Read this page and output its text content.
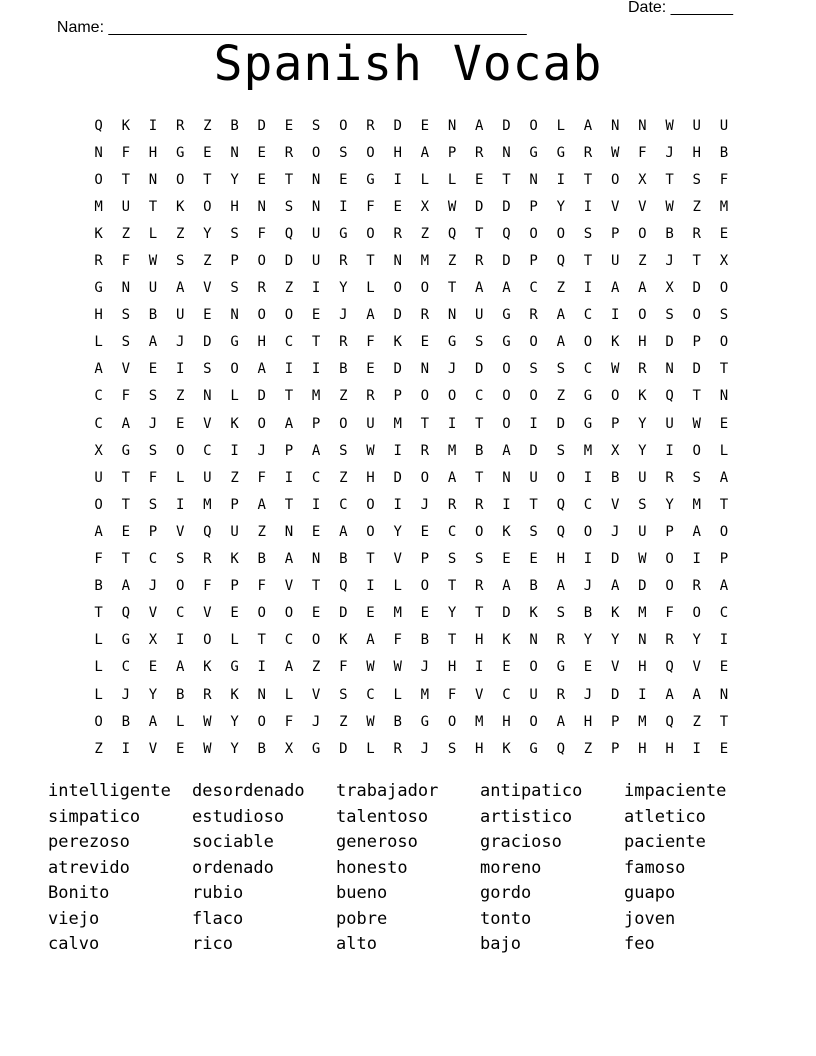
Name: _______________________________________________

Date: _______

Spanish Vocab
Q	K	I	R	Z	B	D	E	S	O	R	D	E	N	A	D	O	L	A	N	N	W	U	U
N	F	H	G	E	N	E	R	O	S	O	H	A	P	R	N	G	G	R	W	F	J	H	B
O	T	N	O	T	Y	E	T	N	E	G	I	L	L	E	T	N	I	T	O	X	T	S	F
M	U	T	K	O	H	N	S	N	I	F	E	X	W	D	D	P	Y	I	V	V	W	Z	M
K	Z	L	Z	Y	S	F	Q	U	G	O	R	Z	Q	T	Q	O	O	S	P	O	B	R	E
R	F	W	S	Z	P	O	D	U	R	T	N	M	Z	R	D	P	Q	T	U	Z	J	T	X
G	N	U	A	V	S	R	Z	I	Y	L	O	O	T	A	A	C	Z	I	A	A	X	D	O
H	S	B	U	E	N	O	O	E	J	A	D	R	N	U	G	R	A	C	I	O	S	O	S
L	S	A	J	D	G	H	C	T	R	F	K	E	G	S	G	O	A	O	K	H	D	P	O
A	V	E	I	S	O	A	I	I	B	E	D	N	J	D	O	S	S	C	W	R	N	D	T
C	F	S	Z	N	L	D	T	M	Z	R	P	O	O	C	O	O	Z	G	O	K	Q	T	N
C	A	J	E	V	K	O	A	P	O	U	M	T	I	T	O	I	D	G	P	Y	U	W	E
X	G	S	O	C	I	J	P	A	S	W	I	R	M	B	A	D	S	M	X	Y	I	O	L
U	T	F	L	U	Z	F	I	C	Z	H	D	O	A	T	N	U	O	I	B	U	R	S	A
O	T	S	I	M	P	A	T	I	C	O	I	J	R	R	I	T	Q	C	V	S	Y	M	T
A	E	P	V	Q	U	Z	N	E	A	O	Y	E	C	O	K	S	Q	O	J	U	P	A	O
F	T	C	S	R	K	B	A	N	B	T	V	P	S	S	E	E	H	I	D	W	O	I	P
B	A	J	O	F	P	F	V	T	Q	I	L	O	T	R	A	B	A	J	A	D	O	R	A
T	Q	V	C	V	E	O	O	E	D	E	M	E	Y	T	D	K	S	B	K	M	F	O	C
L	G	X	I	O	L	T	C	O	K	A	F	B	T	H	K	N	R	Y	Y	N	R	Y	I
L	C	E	A	K	G	I	A	Z	F	W	W	J	H	I	E	O	G	E	V	H	Q	V	E
L	J	Y	B	R	K	N	L	V	S	C	L	M	F	V	C	U	R	J	D	I	A	A	N
O	B	A	L	W	Y	O	F	J	Z	W	B	G	O	M	H	O	A	H	P	M	Q	Z	T
Z	I	V	E	W	Y	B	X	G	D	L	R	J	S	H	K	G	Q	Z	P	H	H	I	E
intelligente	desordenado	trabajador	antipatico	impaciente
simpatico	estudioso	talentoso	artistico	atletico
perezoso	sociable	generoso	gracioso	paciente
atrevido	ordenado	honesto	moreno	famoso
Bonito	rubio	bueno	gordo	guapo
viejo	flaco	pobre	tonto	joven
calvo	rico	alto	bajo	feo
